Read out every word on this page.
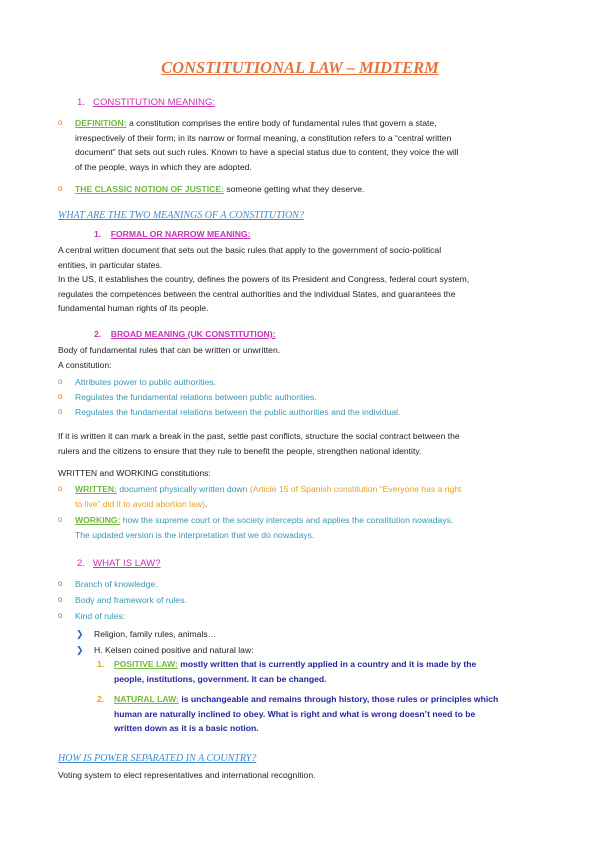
CONSTITUTIONAL LAW – MIDTERM
1. CONSTITUTION MEANING:
o DEFINITION: a constitution comprises the entire body of fundamental rules that govern a state,
irrespectively of their form; in its narrow or formal meaning, a constitution refers to a “central written
document” that sets out such rules. Known to have a special status due to content, they voice the will
of the people, ways in which they are adopted.
o THE CLASSIC NOTION OF JUSTICE: someone getting what they deserve.
WHAT ARE THE TWO MEANINGS OF A CONSTITUTION?
1. FORMAL OR NARROW MEANING:
A central written document that sets out the basic rules that apply to the government of socio-political
entities, in particular states.
In the US, it establishes the country, defines the powers of its President and Congress, federal court system,
regulates the competences between the central authorities and the individual States, and guarantees the
fundamental human rights of its people.
2. BROAD MEANING (UK CONSTITUTION):
Body of fundamental rules that can be written or unwritten.
A constitution:
o Attributes power to public authorities.
o Regulates the fundamental relations between public authorities.
o Regulates the fundamental relations between the public authorities and the individual.
If it is written it can mark a break in the past, settle past conflicts, structure the social contract between the
rulers and the citizens to ensure that they rule to benefit the people, strengthen national identity.
WRITTEN and WORKING constitutions:
o WRITTEN: document physically written down (Article 15 of Spanish constitution “Everyone has a right
to live” did it to avoid abortion law).
o WORKING: how the supreme court or the society intercepts and applies the constitution nowadays.
The updated version is the interpretation that we do nowadays.
2. WHAT IS LAW?
o Branch of knowledge.
o Body and framework of rules.
o Kind of rules:
❯ Religion, family rules, animals…
❯ H. Kelsen coined positive and natural law:
1. POSITIVE LAW: mostly written that is currently applied in a country and it is made by the
people, institutions, government. It can be changed.
2. NATURAL LAW: is unchangeable and remains through history, those rules or principles which
human are naturally inclined to obey. What is right and what is wrong doesn’t need to be
written down as it is a basic notion.
HOW IS POWER SEPARATED IN A COUNTRY?
Voting system to elect representatives and international recognition.
